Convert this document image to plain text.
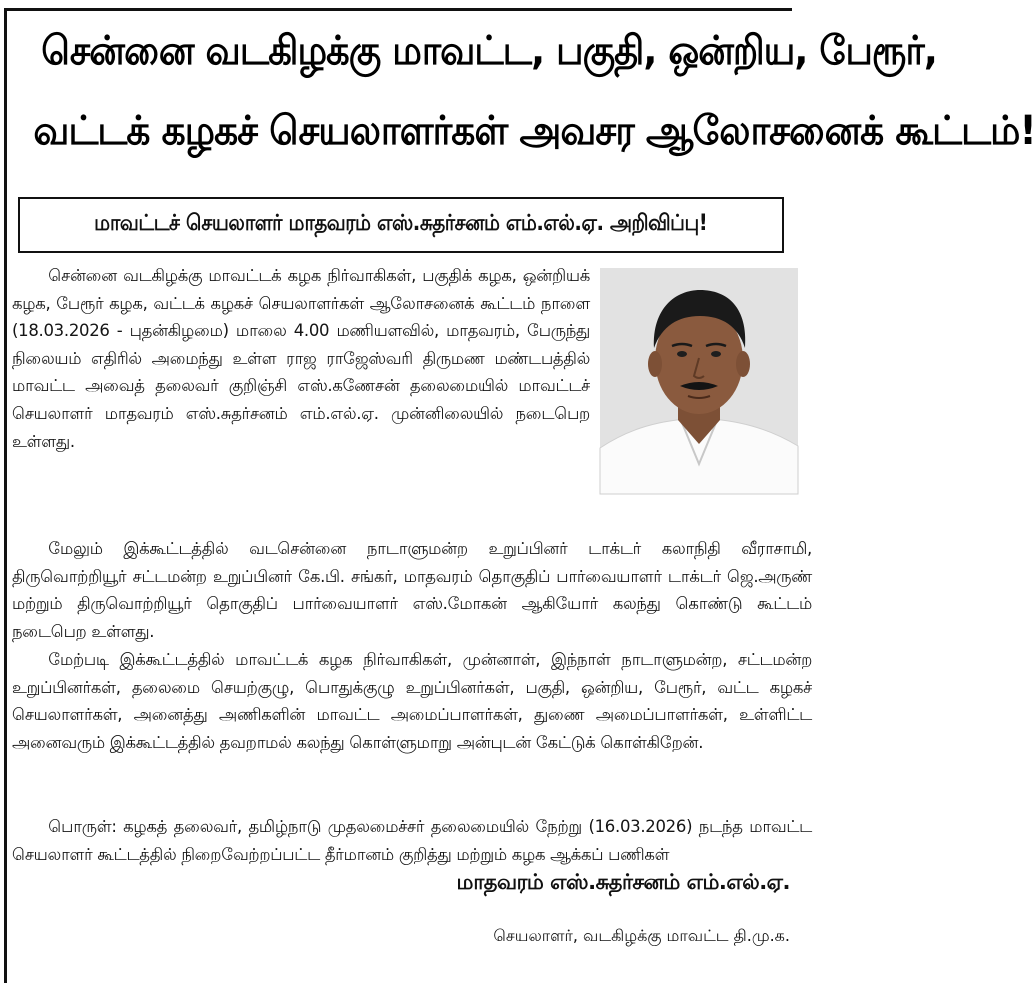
சென்னை வடகிழக்கு மாவட்ட, பகுதி, ஒன்றிய, பேரூர்,
வட்டக் கழகச் செயலாளர்கள் அவசர ஆலோசனைக் கூட்டம்!
மாவட்டச் செயலாளர் மாதவரம் எஸ்.சுதர்சனம் எம்.எல்.ஏ. அறிவிப்பு!

சென்னை வடகிழக்கு மாவட்டக் கழக நிர்வாகிகள், பகுதிக் கழக, ஒன்றியக் கழக, பேரூர் கழக, வட்டக் கழகச் செயலாளர்கள் ஆலோசனைக் கூட்டம் நாளை (18.03.2026 - புதன்கிழமை) மாலை 4.00 மணியளவில், மாதவரம், பேருந்து நிலையம் எதிரில் அமைந்து உள்ள ராஜ ராஜேஸ்வரி திருமண மண்டபத்தில் மாவட்ட அவைத் தலைவர் குறிஞ்சி எஸ்.கணேசன் தலைமையில் மாவட்டச் செயலாளர் மாதவரம் எஸ்.சுதர்சனம் எம்.எல்.ஏ. முன்னிலையில் நடைபெற உள்ளது.

மேலும் இக்கூட்டத்தில் வடசென்னை நாடாளுமன்ற உறுப்பினர் டாக்டர் கலாநிதி வீராசாமி, திருவொற்றியூர் சட்டமன்ற உறுப்பினர் கே.பி. சங்கர், மாதவரம் தொகுதிப் பார்வையாளர் டாக்டர் ஜெ.அருண் மற்றும் திருவொற்றியூர் தொகுதிப் பார்வையாளர் எஸ்.மோகன் ஆகியோர் கலந்து கொண்டு கூட்டம் நடைபெற உள்ளது.

மேற்படி இக்கூட்டத்தில் மாவட்டக் கழக நிர்வாகிகள், முன்னாள், இந்நாள் நாடாளுமன்ற, சட்டமன்ற உறுப்பினர்கள், தலைமை செயற்குழு, பொதுக்குழு உறுப்பினர்கள், பகுதி, ஒன்றிய, பேரூர், வட்ட கழகச் செயலாளர்கள், அனைத்து அணிகளின் மாவட்ட அமைப்பாளர்கள், துணை அமைப்பாளர்கள், உள்ளிட்ட அனைவரும் இக்கூட்டத்தில் தவறாமல் கலந்து கொள்ளுமாறு அன்புடன் கேட்டுக் கொள்கிறேன்.

பொருள்: கழகத் தலைவர், தமிழ்நாடு முதலமைச்சர் தலைமையில் நேற்று (16.03.2026) நடந்த மாவட்ட செயலாளர் கூட்டத்தில் நிறைவேற்றப்பட்ட தீர்மானம் குறித்து மற்றும் கழக ஆக்கப் பணிகள்

மாதவரம் எஸ்.சுதர்சனம் எம்.எல்.ஏ.
செயலாளர், வடகிழக்கு மாவட்ட தி.மு.க.
